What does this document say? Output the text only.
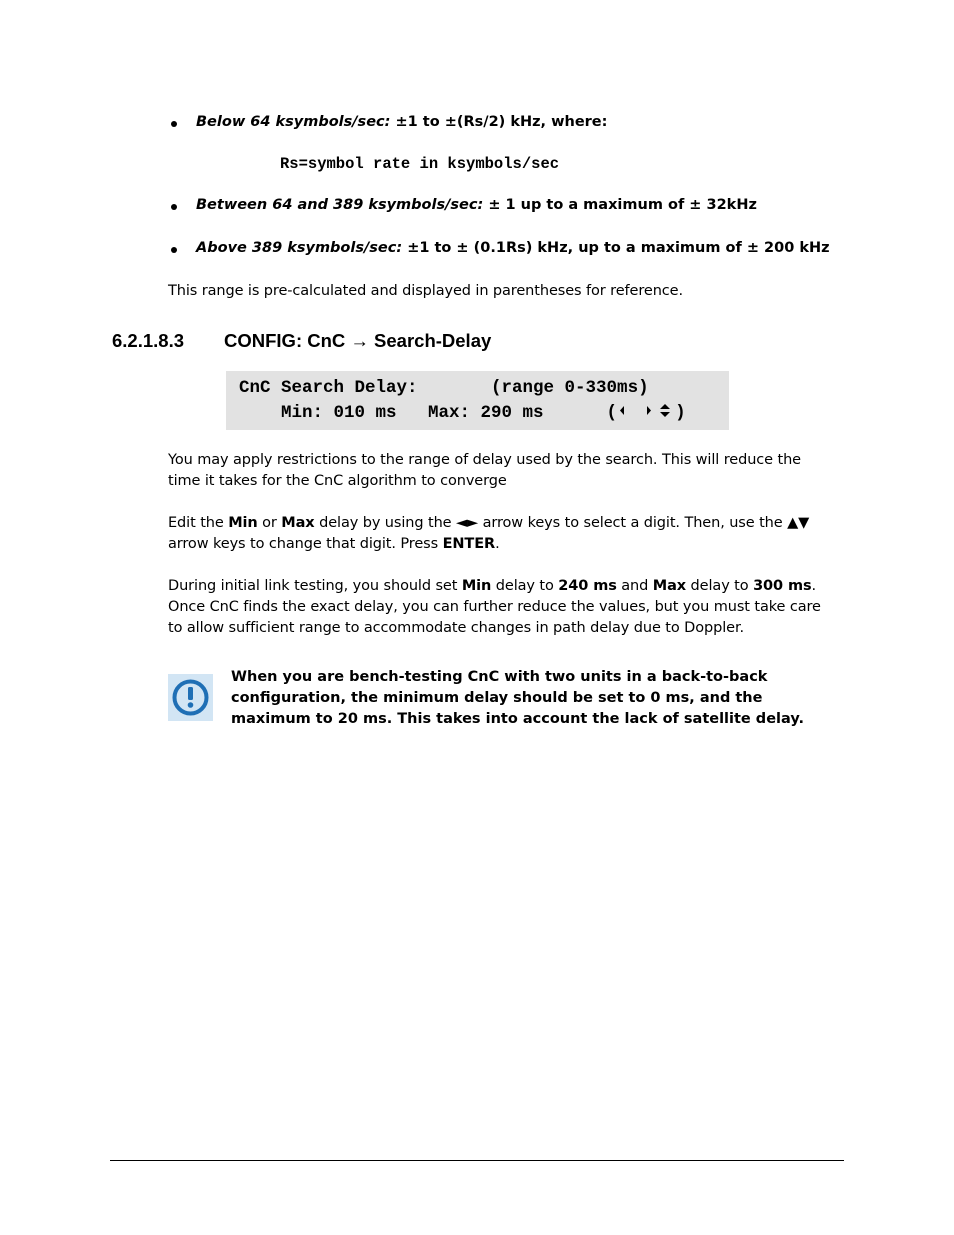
Below 64 ksymbols/sec: ±1 to ±(Rs/2) kHz, where:
Rs=symbol rate in ksymbols/sec
Between 64 and 389 ksymbols/sec: ± 1 up to a maximum of ± 32kHz
Above 389 ksymbols/sec: ±1 to ± (0.1Rs) kHz, up to a maximum of ± 200 kHz
This range is pre-calculated and displayed in parentheses for reference.
6.2.1.8.3 CONFIG: CnC → Search-Delay
CnC Search Delay:       (range 0-330ms)
Min: 010 ms   Max: 290 ms      (	)
You may apply restrictions to the range of delay used by the search. This will reduce the time it takes for the CnC algorithm to converge
Edit the Min or Max delay by using the ◄► arrow keys to select a digit. Then, use the ▲▼ arrow keys to change that digit. Press ENTER.
During initial link testing, you should set Min delay to 240 ms and Max delay to 300 ms. Once CnC finds the exact delay, you can further reduce the values, but you must take care to allow sufficient range to accommodate changes in path delay due to Doppler.
When you are bench-testing CnC with two units in a back-to-back configuration, the minimum delay should be set to 0 ms, and the maximum to 20 ms. This takes into account the lack of satellite delay.
